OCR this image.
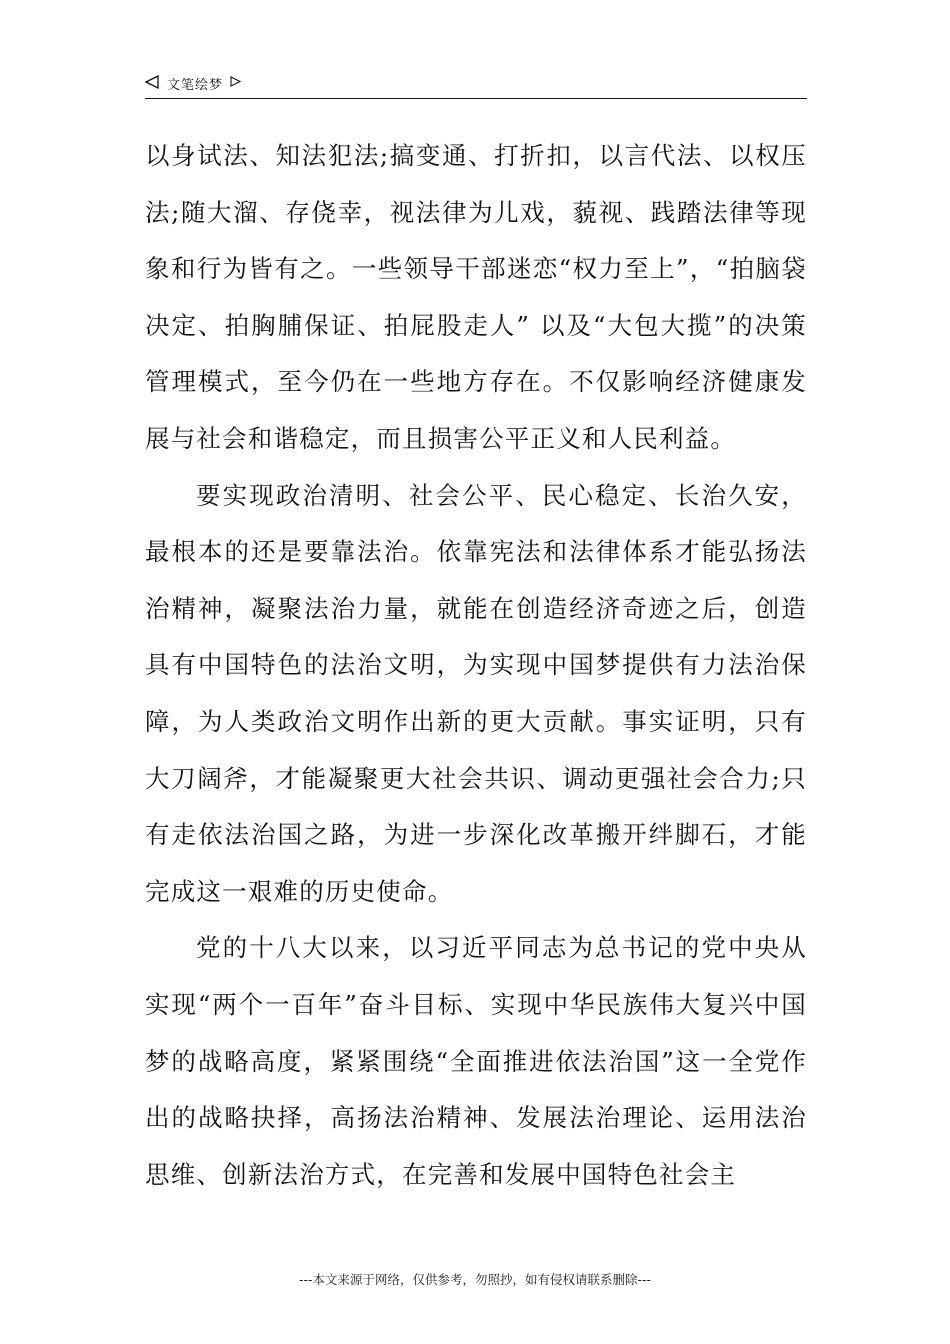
文笔绘梦

以身试法、知法犯法;搞变通、打折扣，以言代法、以权压法;随大溜、存侥幸，视法律为儿戏，藐视、践踏法律等现象和行为皆有之。一些领导干部迷恋“权力至上”，“拍脑袋决定、拍胸脯保证、拍屁股走人” 以及“大包大揽”的决策管理模式，至今仍在一些地方存在。不仅影响经济健康发展与社会和谐稳定，而且损害公平正义和人民利益。

要实现政治清明、社会公平、民心稳定、长治久安，最根本的还是要靠法治。依靠宪法和法律体系才能弘扬法治精神，凝聚法治力量，就能在创造经济奇迹之后，创造具有中国特色的法治文明，为实现中国梦提供有力法治保障，为人类政治文明作出新的更大贡献。事实证明，只有大刀阔斧，才能凝聚更大社会共识、调动更强社会合力;只有走依法治国之路，为进一步深化改革搬开绊脚石，才能完成这一艰难的历史使命。

党的十八大以来，以习近平同志为总书记的党中央从实现“两个一百年”奋斗目标、实现中华民族伟大复兴中国梦的战略高度，紧紧围绕“全面推进依法治国”这一全党作出的战略抉择，高扬法治精神、发展法治理论、运用法治思维、创新法治方式，在完善和发展中国特色社会主

---本文来源于网络，仅供参考，勿照抄，如有侵权请联系删除---
